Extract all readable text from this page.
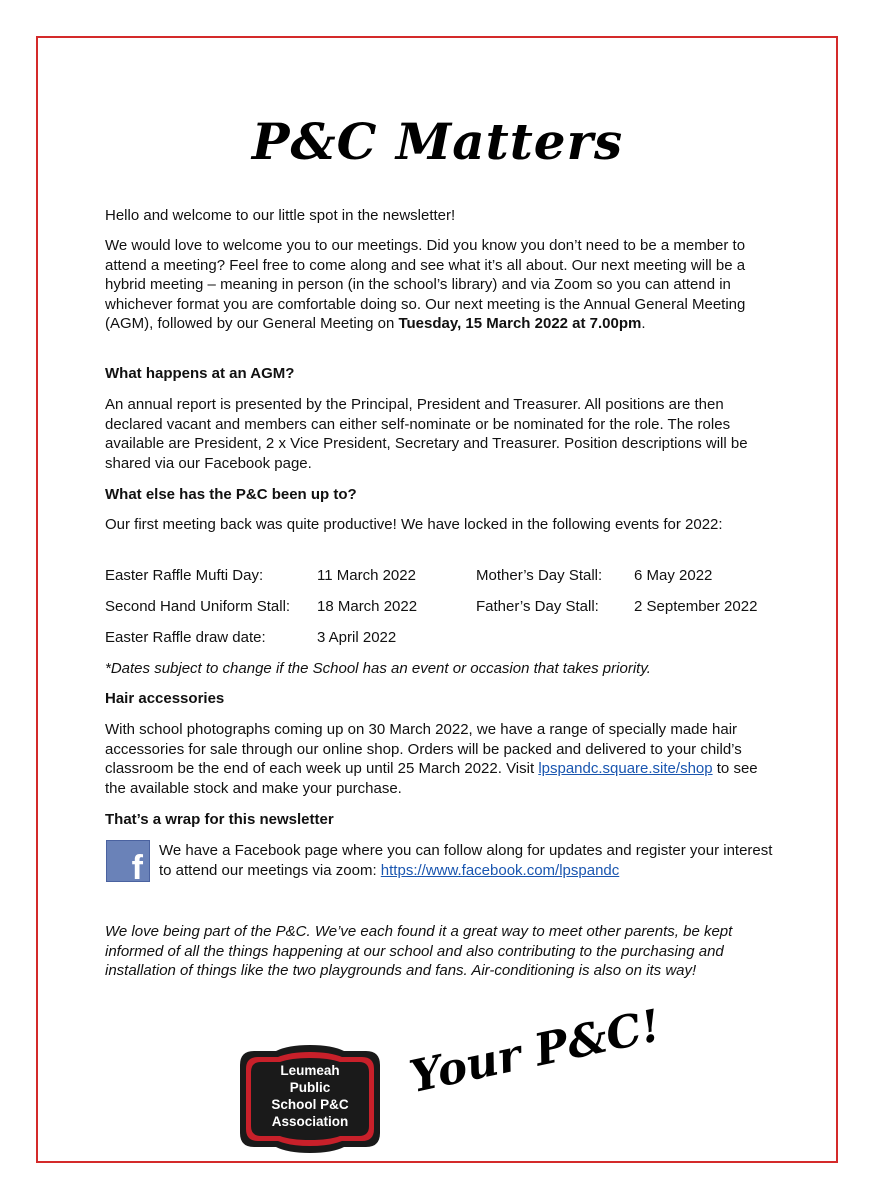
P&C Matters

Hello and welcome to our little spot in the newsletter!

We would love to welcome you to our meetings. Did you know you don’t need to be a member to attend a meeting? Feel free to come along and see what it’s all about. Our next meeting will be a hybrid meeting – meaning in person (in the school’s library) and via Zoom so you can attend in whichever format you are comfortable doing so. Our next meeting is the Annual General Meeting (AGM), followed by our General Meeting on Tuesday, 15 March 2022 at 7.00pm.

What happens at an AGM?

An annual report is presented by the Principal, President and Treasurer. All positions are then declared vacant and members can either self-nominate or be nominated for the role. The roles available are President, 2 x Vice President, Secretary and Treasurer. Position descriptions will be shared via our Facebook page.

What else has the P&C been up to?

Our first meeting back was quite productive! We have locked in the following events for 2022:

Easter Raffle Mufti Day:	11 March 2022	Mother’s Day Stall: 6 May 2022
Second Hand Uniform Stall: 18 March 2022	Father’s Day Stall: 2 September 2022
Easter Raffle draw date:	3 April 2022

*Dates subject to change if the School has an event or occasion that takes priority.

Hair accessories

With school photographs coming up on 30 March 2022, we have a range of specially made hair accessories for sale through our online shop. Orders will be packed and delivered to your child’s classroom be the end of each week up until 25 March 2022. Visit lpspandc.square.site/shop to see the available stock and make your purchase.

That’s a wrap for this newsletter

f We have a Facebook page where you can follow along for updates and register your interest to attend our meetings via zoom: https://www.facebook.com/lpspandc

We love being part of the P&C. We’ve each found it a great way to meet other parents, be kept informed of all the things happening at our school and also contributing to the purchasing and installation of things like the two playgrounds and fans. Air-conditioning is also on its way!

Leumeah
Public
School P&C
Association
Your P&C!
